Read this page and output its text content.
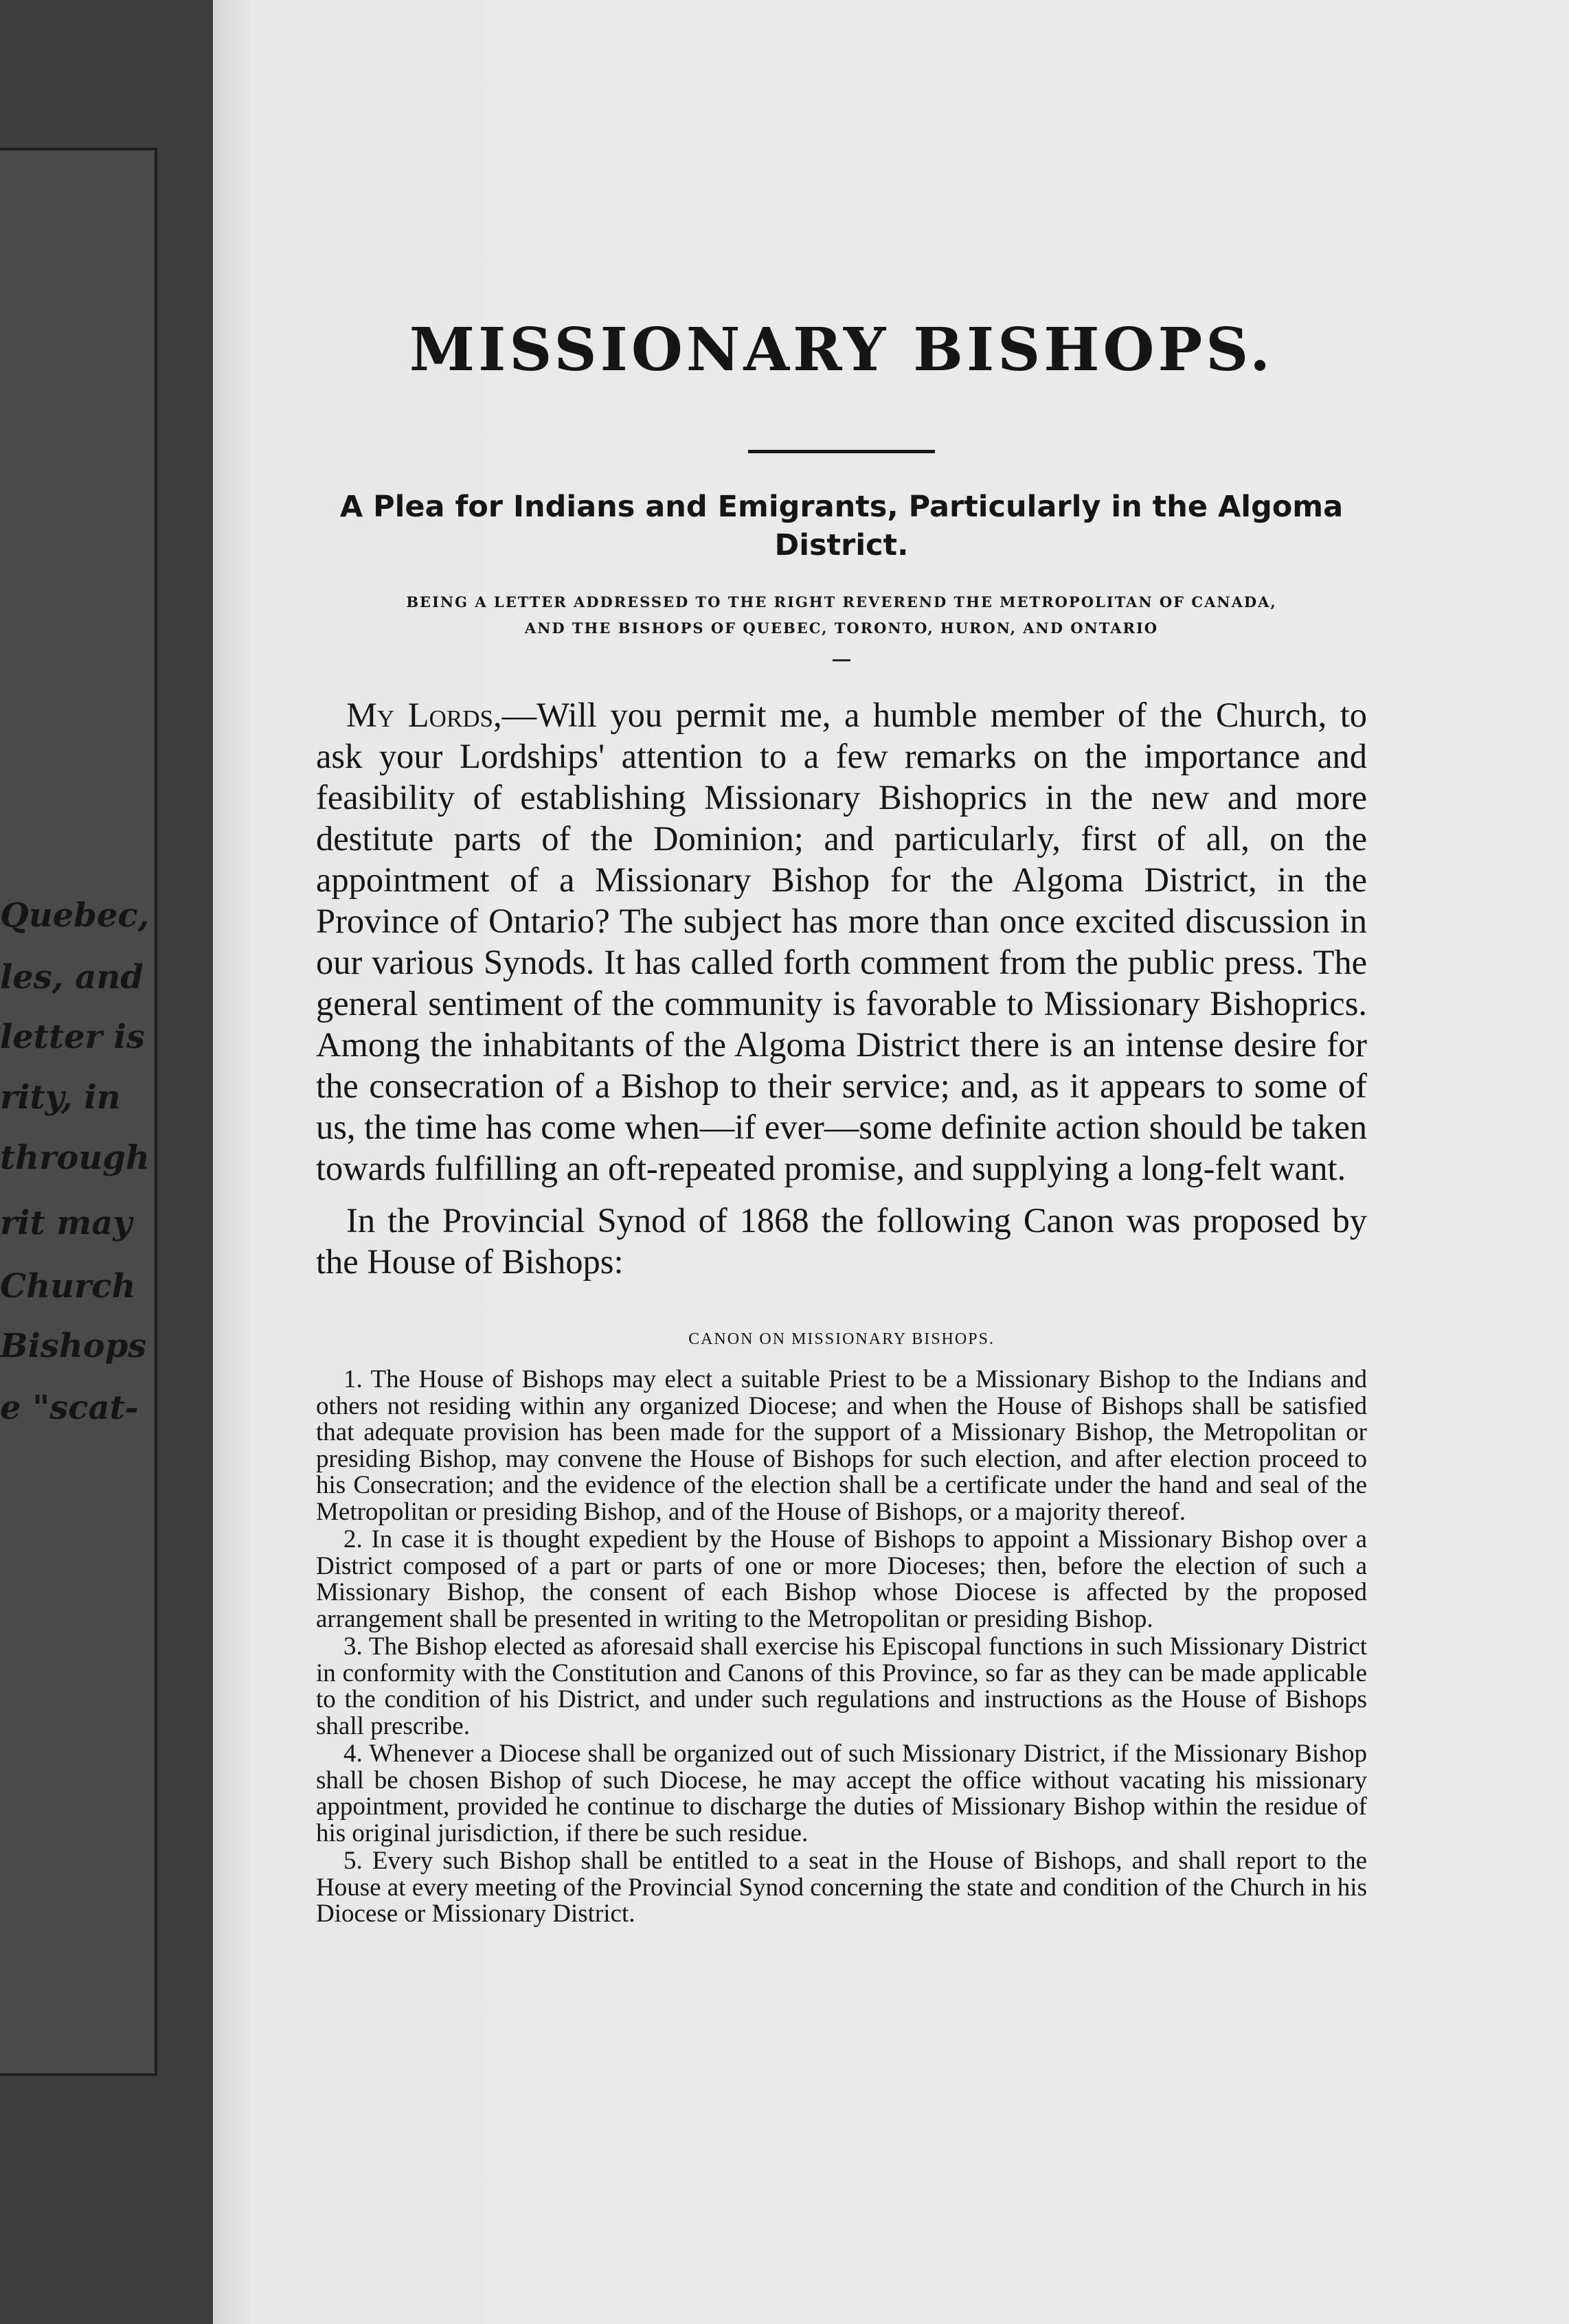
Quebec,
les, and
letter is
rity, in
through
rit may
Church
Bishops
e "scat-
MISSIONARY BISHOPS.

A Plea for Indians and Emigrants, Particularly in the Algoma District.

BEING A LETTER ADDRESSED TO THE RIGHT REVEREND THE METROPOLITAN OF CANADA,
AND THE BISHOPS OF QUEBEC, TORONTO, HURON, AND ONTARIO

My Lords,—Will you permit me, a humble member of the Church, to ask your Lordships' attention to a few remarks on the importance and feasibility of establishing Missionary Bishoprics in the new and more destitute parts of the Dominion; and particularly, first of all, on the appointment of a Missionary Bishop for the Algoma District, in the Province of Ontario? The subject has more than once excited discussion in our various Synods. It has called forth comment from the public press. The general sentiment of the community is favorable to Missionary Bishoprics. Among the inhabitants of the Algoma District there is an intense desire for the consecration of a Bishop to their service; and, as it appears to some of us, the time has come when—if ever—some definite action should be taken towards fulfilling an oft-repeated promise, and supplying a long-felt want.

In the Provincial Synod of 1868 the following Canon was proposed by the House of Bishops:

CANON ON MISSIONARY BISHOPS.

1. The House of Bishops may elect a suitable Priest to be a Missionary Bishop to the Indians and others not residing within any organized Diocese; and when the House of Bishops shall be satisfied that adequate provision has been made for the support of a Missionary Bishop, the Metropolitan or presiding Bishop, may convene the House of Bishops for such election, and after election proceed to his Consecration; and the evidence of the election shall be a certificate under the hand and seal of the Metropolitan or presiding Bishop, and of the House of Bishops, or a majority thereof.
2. In case it is thought expedient by the House of Bishops to appoint a Missionary Bishop over a District composed of a part or parts of one or more Dioceses; then, before the election of such a Missionary Bishop, the consent of each Bishop whose Diocese is affected by the proposed arrangement shall be presented in writing to the Metropolitan or presiding Bishop.
3. The Bishop elected as aforesaid shall exercise his Episcopal functions in such Missionary District in conformity with the Constitution and Canons of this Province, so far as they can be made applicable to the condition of his District, and under such regulations and instructions as the House of Bishops shall prescribe.
4. Whenever a Diocese shall be organized out of such Missionary District, if the Missionary Bishop shall be chosen Bishop of such Diocese, he may accept the office without vacating his missionary appointment, provided he continue to discharge the duties of Missionary Bishop within the residue of his original jurisdiction, if there be such residue.
5. Every such Bishop shall be entitled to a seat in the House of Bishops, and shall report to the House at every meeting of the Provincial Synod concerning the state and condition of the Church in his Diocese or Missionary District.
